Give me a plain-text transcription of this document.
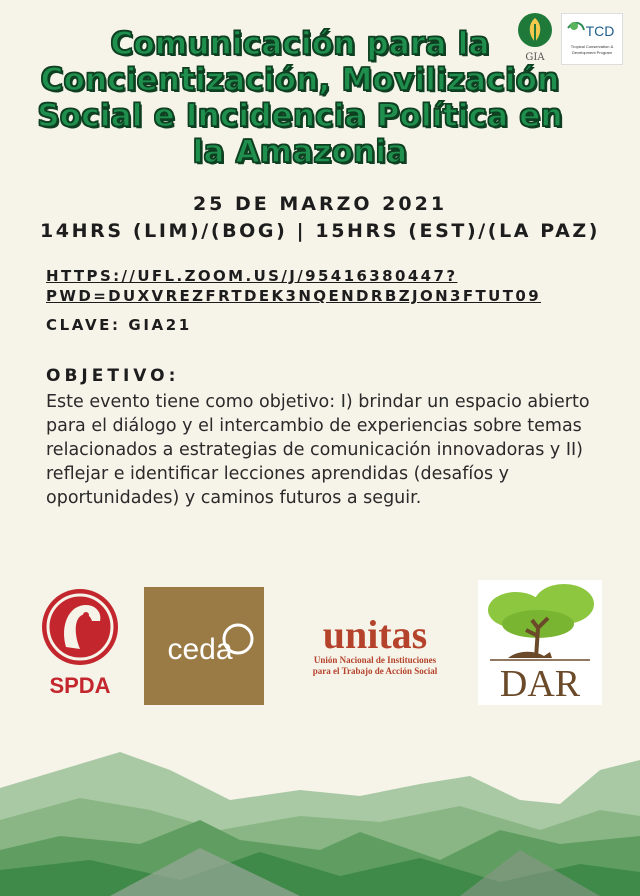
Comunicación para la
Concientización, Movilización
Social e Incidencia Política en
la Amazonia
GIA
TCD
Tropical Conservation &
Development Program
25 DE MARZO 2021
14HRS (LIM)/(BOG) | 15HRS (EST)/(LA PAZ)
HTTPS://UFL.ZOOM.US/J/95416380447?
PWD=DUXVREZFRTDEK3NQENDRBZJON3FTUT09
CLAVE: GIA21
OBJETIVO:
Este evento tiene como objetivo: I) brindar un espacio abierto para el diálogo y el intercambio de experiencias sobre temas relacionados a estrategias de comunicación innovadoras y II) reflejar e identificar lecciones aprendidas (desafíos y oportunidades) y caminos futuros a seguir.
SPDA
ceda unitas
Unión Nacional de Instituciones
para el Trabajo de Acción Social DAR
